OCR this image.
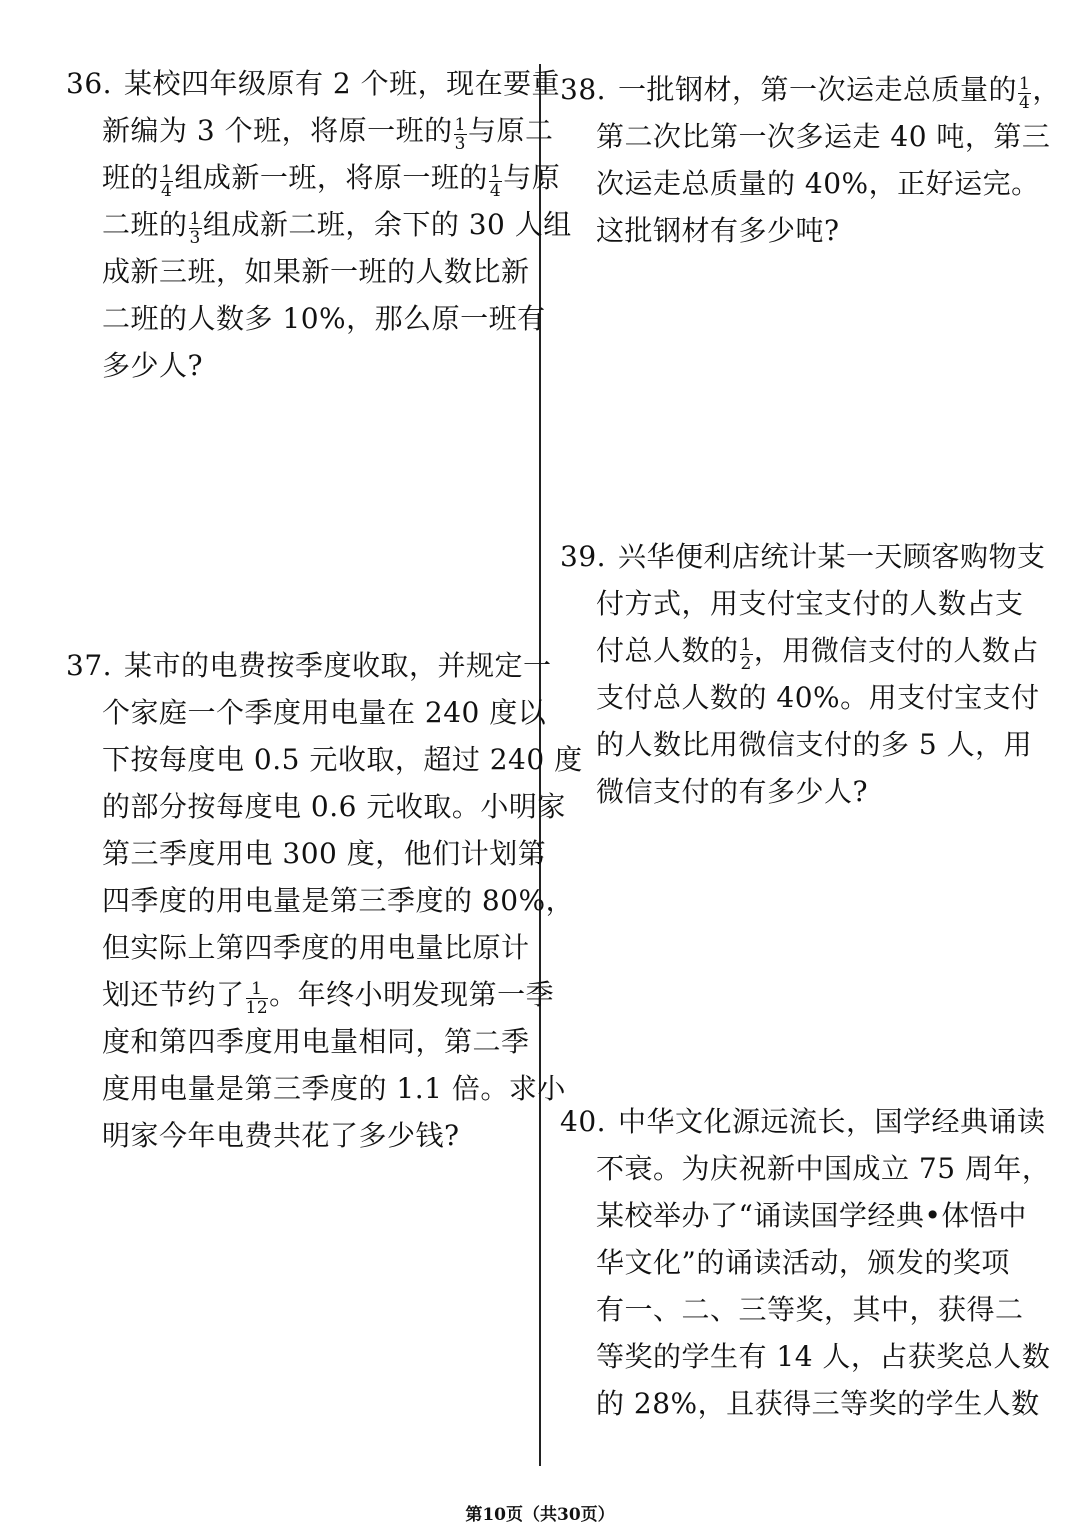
36. 某校四年级原有 2 个班，现在要重
新编为 3 个班，将原一班的 $\frac{1}{3}$ 与原二
班的 $\frac{1}{4}$ 组成新一班，将原一班的 $\frac{1}{4}$ 与原
二班的 $\frac{1}{3}$ 组成新二班，余下的 30 人组
成新三班，如果新一班的人数比新
二班的人数多 10%，那么原一班有
多少人?
37. 某市的电费按季度收取，并规定一
个家庭一个季度用电量在 240 度以
下按每度电 0.5 元收取，超过 240 度
的部分按每度电 0.6 元收取。小明家
第三季度用电 300 度，他们计划第
四季度的用电量是第三季度的 80%，
但实际上第四季度的用电量比原计
划还节约了 $\frac{1}{12}$ 。年终小明发现第一季
度和第四季度用电量相同，第二季
度用电量是第三季度的 1.1 倍。求小
明家今年电费共花了多少钱?
38. 一批钢材，第一次运走总质量的 $\frac{1}{4}$ ，
第二次比第一次多运走 40 吨，第三
次运走总质量的 40%，正好运完。
这批钢材有多少吨?
39. 兴华便利店统计某一天顾客购物支
付方式，用支付宝支付的人数占支
付总人数的 $\frac{1}{2}$ ，用微信支付的人数占
支付总人数的 40%。用支付宝支付
的人数比用微信支付的多 5 人，用
微信支付的有多少人?
40. 中华文化源远流长，国学经典诵读
不衰。为庆祝新中国成立 75 周年，
某校举办了“诵读国学经典•体悟中
华文化”的诵读活动，颁发的奖项
有一、二、三等奖，其中，获得二
等奖的学生有 14 人，占获奖总人数
的 28%，且获得三等奖的学生人数
第10页（共30页）
